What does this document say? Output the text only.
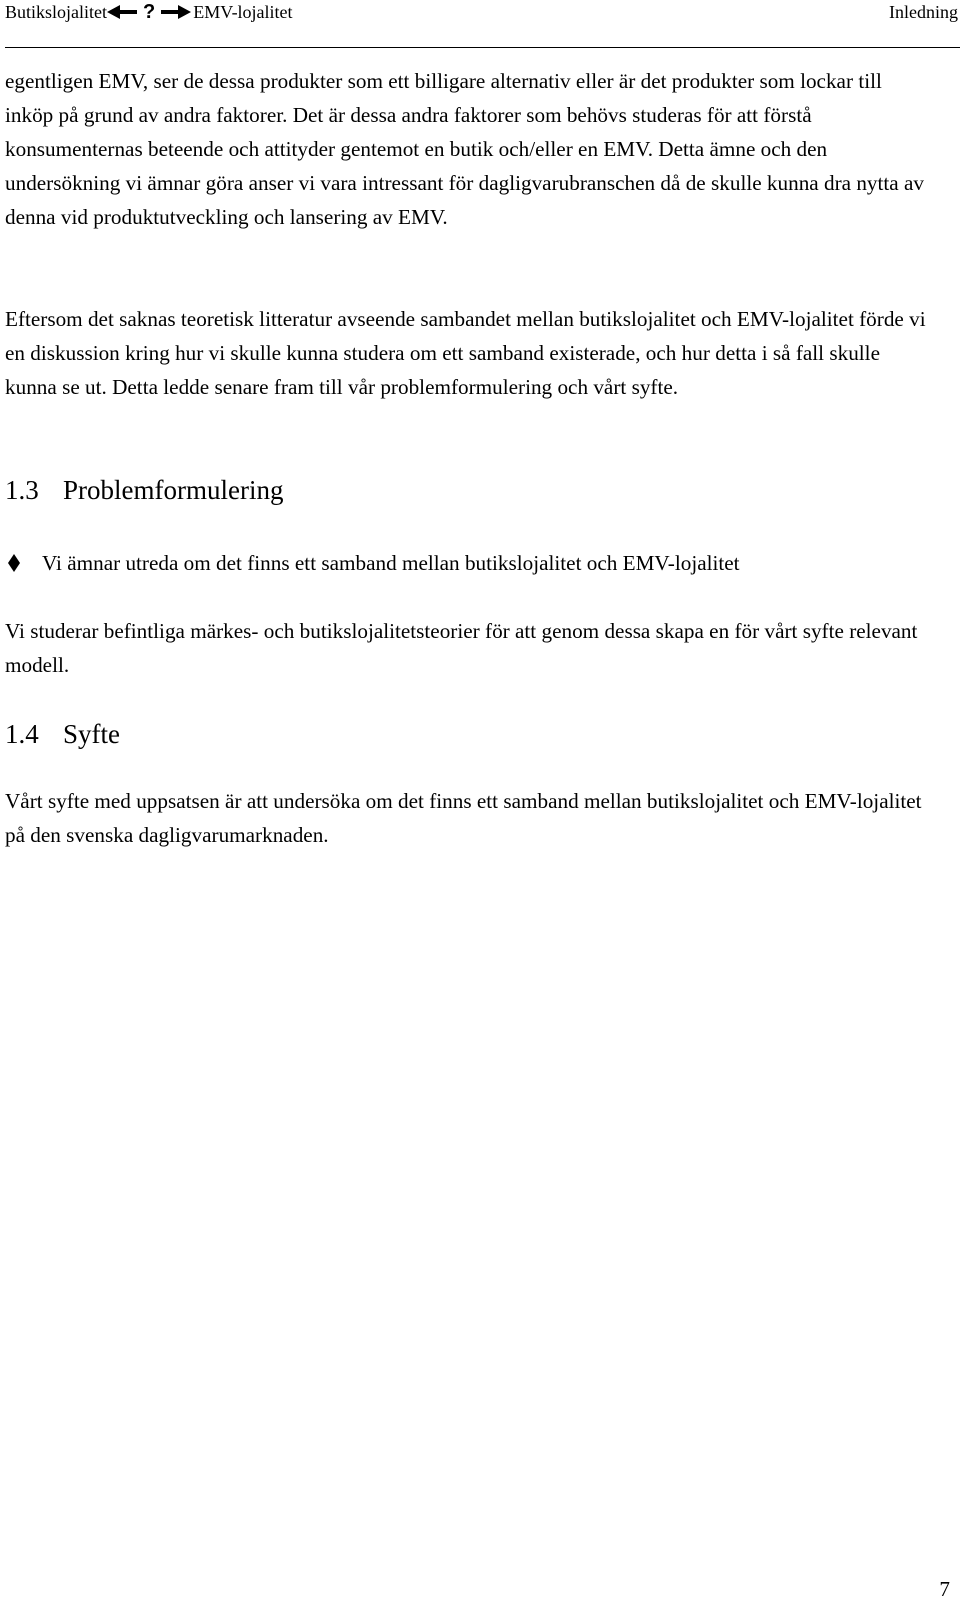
Butikslojalitet ? EMV-lojalitet	Inledning

egentligen EMV, ser de dessa produkter som ett billigare alternativ eller är det produkter som lockar till inköp på grund av andra faktorer. Det är dessa andra faktorer som behövs studeras för att förstå konsumenternas beteende och attityder gentemot en butik och/eller en EMV. Detta ämne och den undersökning vi ämnar göra anser vi vara intressant för dagligvarubranschen då de skulle kunna dra nytta av denna vid produktutveckling och lansering av EMV.

Eftersom det saknas teoretisk litteratur avseende sambandet mellan butikslojalitet och EMV-lojalitet förde vi en diskussion kring hur vi skulle kunna studera om ett samband existerade, och hur detta i så fall skulle kunna se ut. Detta ledde senare fram till vår problemformulering och vårt syfte.

1.3 Problemformulering
Vi ämnar utreda om det finns ett samband mellan butikslojalitet och EMV-lojalitet

Vi studerar befintliga märkes- och butikslojalitetsteorier för att genom dessa skapa en för vårt syfte relevant modell.

1.4 Syfte

Vårt syfte med uppsatsen är att undersöka om det finns ett samband mellan butikslojalitet och EMV-lojalitet på den svenska dagligvarumarknaden.

7
